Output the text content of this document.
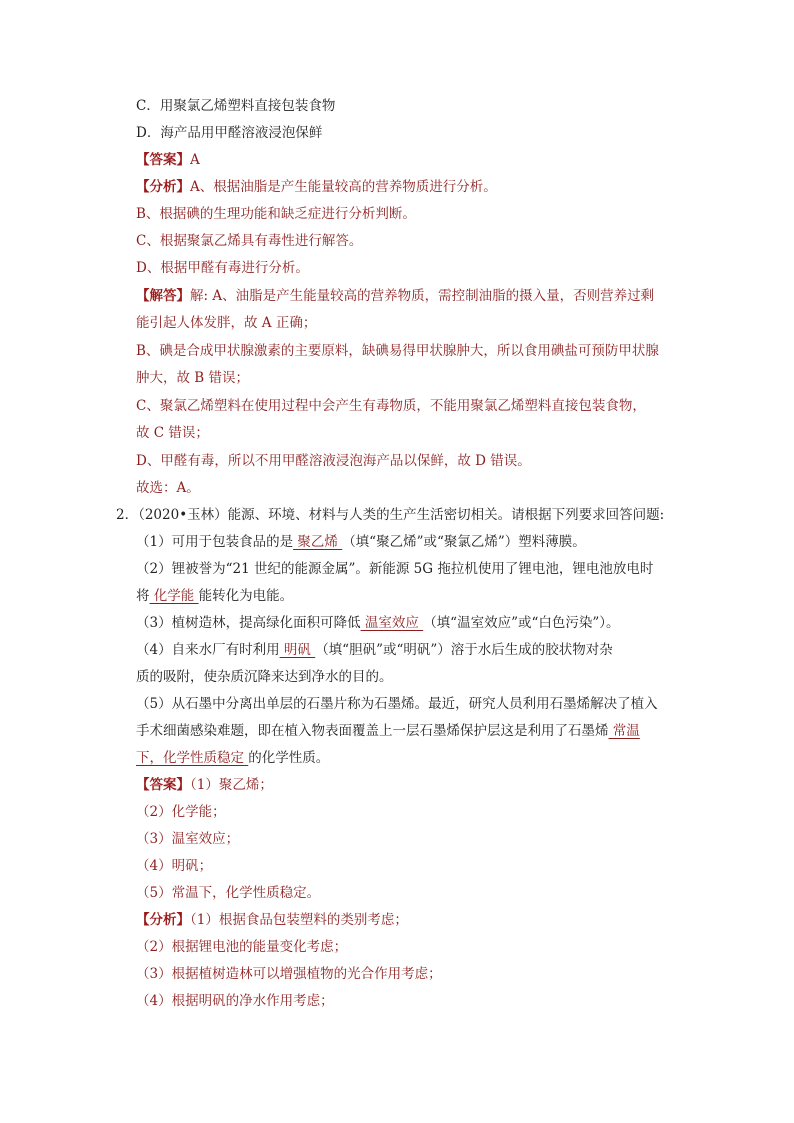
C．用聚氯乙烯塑料直接包装食物
D．海产品用甲醛溶液浸泡保鲜
【答案】A
【分析】A、根据油脂是产生能量较高的营养物质进行分析。
B、根据碘的生理功能和缺乏症进行分析判断。
C、根据聚氯乙烯具有毒性进行解答。
D、根据甲醛有毒进行分析。
【解答】解: A、油脂是产生能量较高的营养物质，需控制油脂的摄入量，否则营养过剩
能引起人体发胖，故 A 正确；
B、碘是合成甲状腺激素的主要原料，缺碘易得甲状腺肿大，所以食用碘盐可预防甲状腺
肿大，故 B 错误；
C、聚氯乙烯塑料在使用过程中会产生有毒物质，不能用聚氯乙烯塑料直接包装食物，
故 C 错误；
D、甲醛有毒，所以不用甲醛溶液浸泡海产品以保鲜，故 D 错误。
故选：A。
2．（2020•玉林）能源、环境、材料与人类的生产生活密切相关。请根据下列要求回答问题:
（1）可用于包装食品的是 聚乙烯 （填“聚乙烯”或“聚氯乙烯”）塑料薄膜。
（2）锂被誉为“21 世纪的能源金属”。新能源 5G 拖拉机使用了锂电池，锂电池放电时
将 化学能 能转化为电能。
（3）植树造林，提高绿化面积可降低 温室效应 （填“温室效应”或“白色污染”）。
（4）自来水厂有时利用 明矾 （填“胆矾”或“明矾”）溶于水后生成的胶状物对杂
质的吸附，使杂质沉降来达到净水的目的。
（5）从石墨中分离出单层的石墨片称为石墨烯。最近，研究人员利用石墨烯解决了植入
手术细菌感染难题，即在植入物表面覆盖上一层石墨烯保护层这是利用了石墨烯 常温
下，化学性质稳定 的化学性质。
【答案】（1）聚乙烯；
（2）化学能；
（3）温室效应；
（4）明矾；
（5）常温下，化学性质稳定。
【分析】（1）根据食品包装塑料的类别考虑；
（2）根据锂电池的能量变化考虑；
（3）根据植树造林可以增强植物的光合作用考虑；
（4）根据明矾的净水作用考虑；
